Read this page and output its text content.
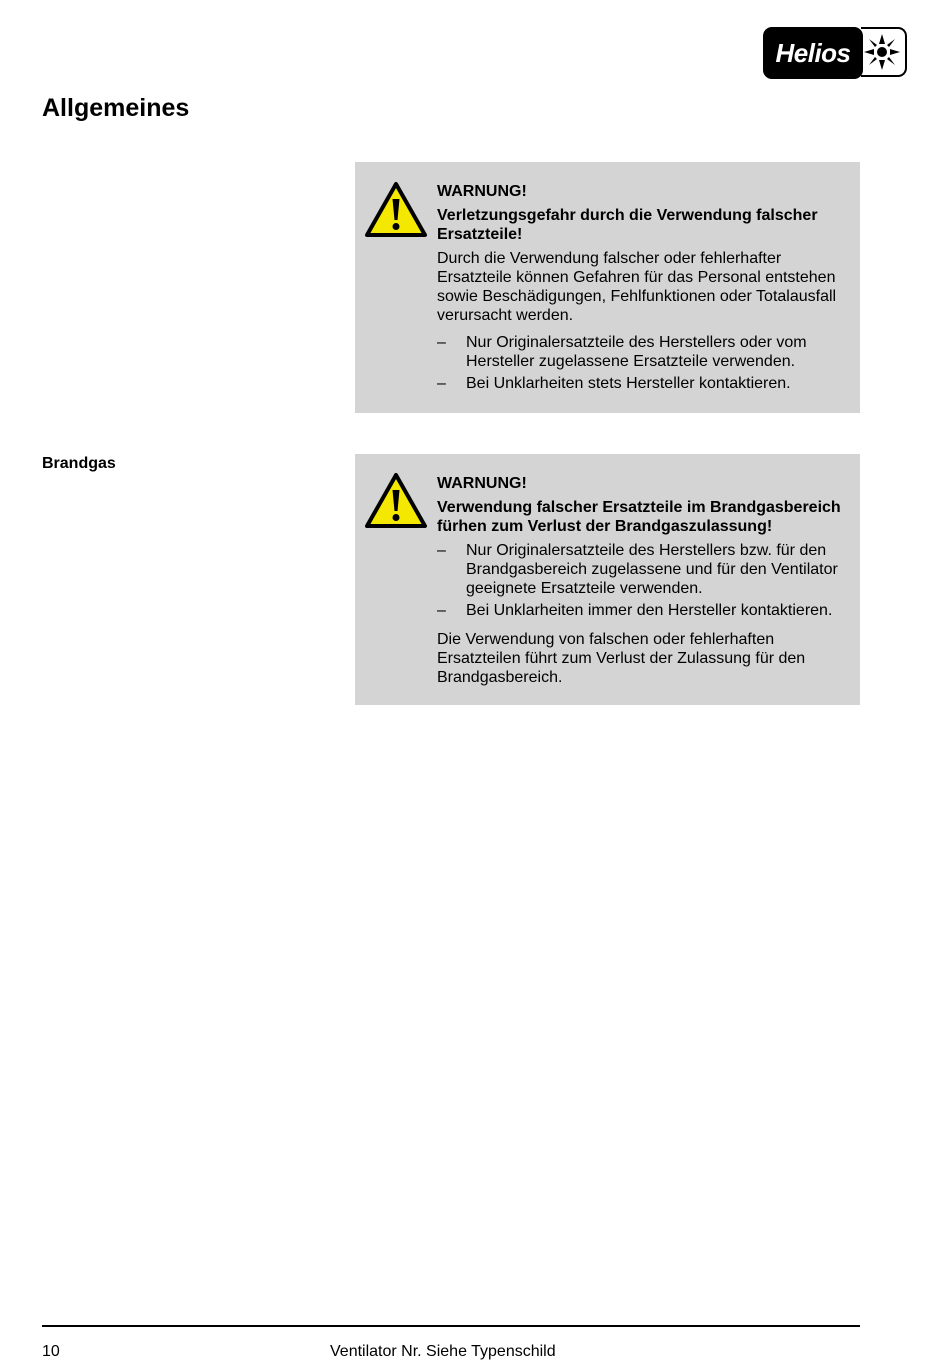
Helios
Allgemeines
Brandgas

WARNUNG!

Verletzungsgefahr durch die Verwendung falscher Ersatzteile!

Durch die Verwendung falscher oder fehlerhafter Ersatzteile können Gefahren für das Personal entstehen sowie Beschädigungen, Fehlfunktionen oder Totalausfall verursacht werden.

– Nur Originalersatzteile des Herstellers oder vom Hersteller zugelassene Ersatzteile verwenden.
– Bei Unklarheiten stets Hersteller kontaktieren.

WARNUNG!

Verwendung falscher Ersatzteile im Brandgasbereich fürhen zum Verlust der Brandgaszulassung!

– Nur Originalersatzteile des Herstellers bzw. für den Brandgasbereich zugelassene und für den Ventilator geeignete Ersatzteile verwenden.
– Bei Unklarheiten immer den Hersteller kontaktieren.

Die Verwendung von falschen oder fehlerhaften Ersatzteilen führt zum Verlust der Zulassung für den Brandgasbereich.

10	Ventilator Nr. Siehe Typenschild
